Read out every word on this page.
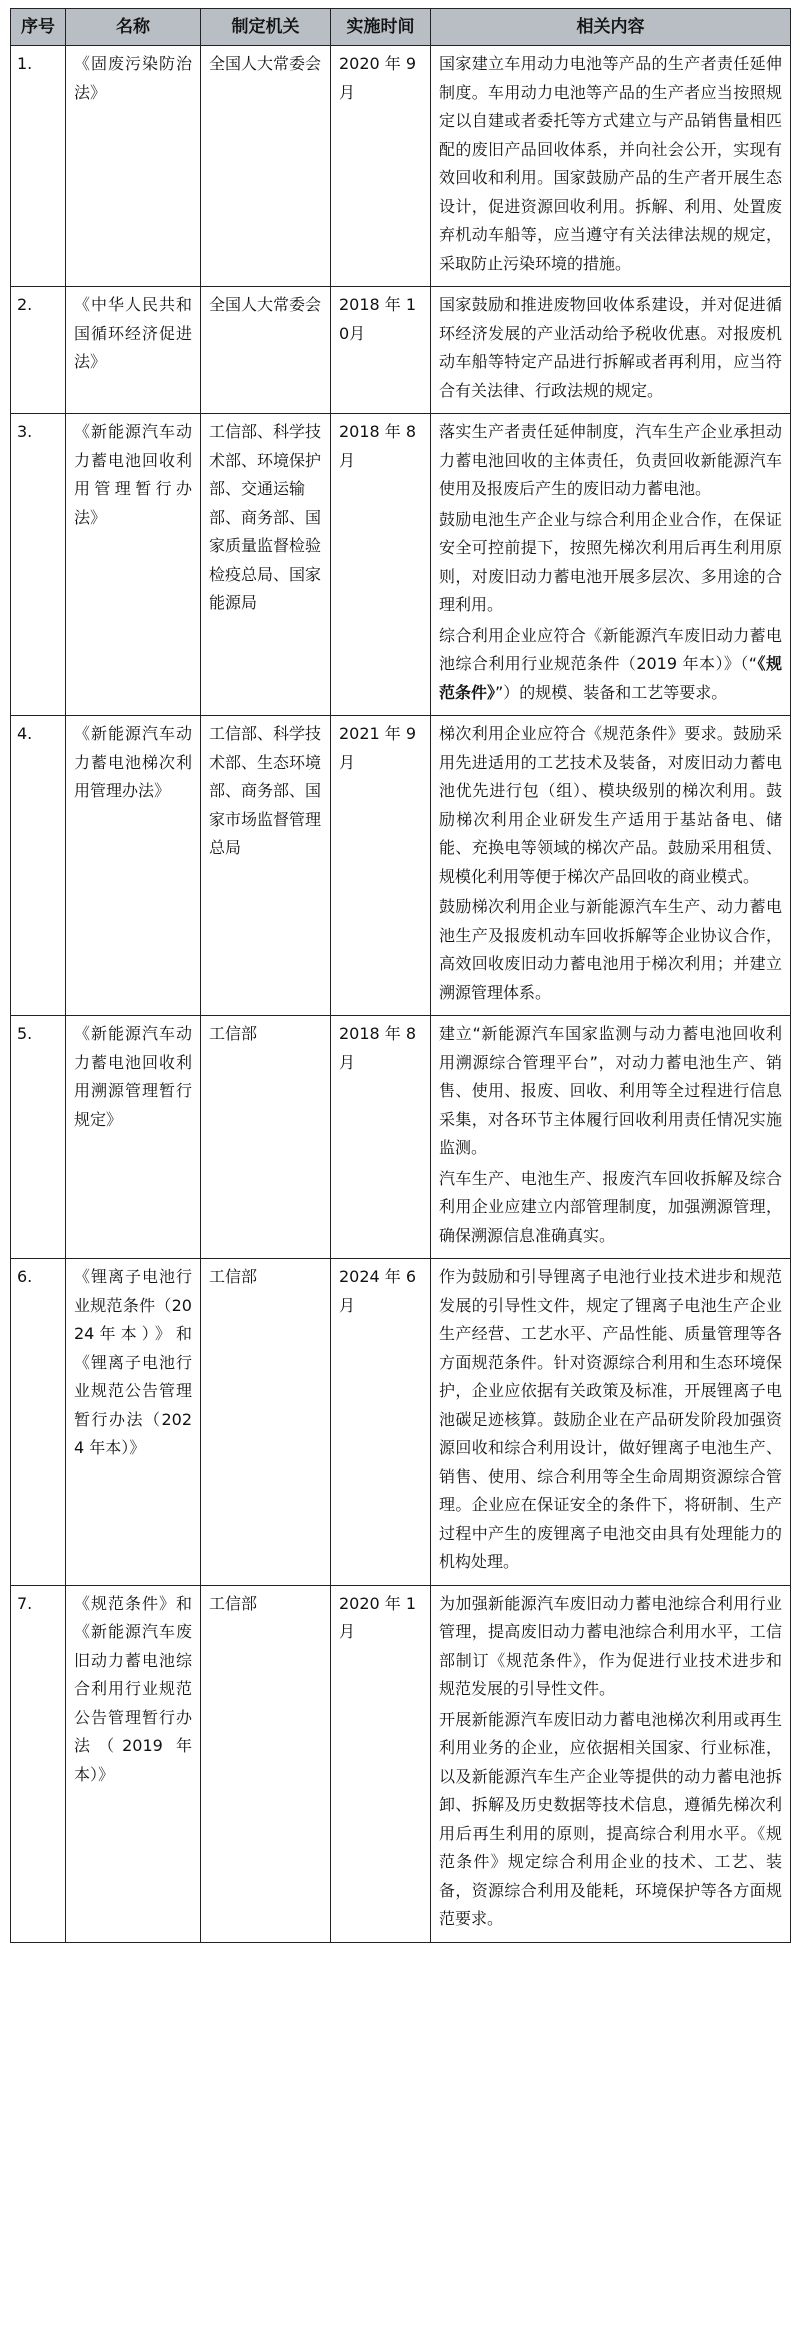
序号	名称	制定机关	实施时间	相关内容
1.	《固废污染防治法》	全国人大常委会	2020 年 9 月	国家建立车用动力电池等产品的生产者责任延伸制度。车用动力电池等产品的生产者应当按照规定以自建或者委托等方式建立与产品销售量相匹配的废旧产品回收体系，并向社会公开，实现有效回收和利用。国家鼓励产品的生产者开展生态设计，促进资源回收利用。拆解、利用、处置废弃机动车船等，应当遵守有关法律法规的规定，采取防止污染环境的措施。

2.	《中华人民共和国循环经济促进法》	全国人大常委会	2018 年 10月	国家鼓励和推进废物回收体系建设，并对促进循环经济发展的产业活动给予税收优惠。对报废机动车船等特定产品进行拆解或者再利用，应当符合有关法律、行政法规的规定。

3.	《新能源汽车动力蓄电池回收利用管理暂行办法》	工信部、科学技术部、环境保护部、交通运输部、商务部、国家质量监督检验检疫总局、国家能源局	2018 年 8 月	落实生产者责任延伸制度，汽车生产企业承担动力蓄电池回收的主体责任，负责回收新能源汽车使用及报废后产生的废旧动力蓄电池。
鼓励电池生产企业与综合利用企业合作，在保证安全可控前提下，按照先梯次利用后再生利用原则，对废旧动力蓄电池开展多层次、多用途的合理利用。
综合利用企业应符合《新能源汽车废旧动力蓄电池综合利用行业规范条件（2019 年本）》（“《规范条件》”）的规模、装备和工艺等要求。

4.	《新能源汽车动力蓄电池梯次利用管理办法》	工信部、科学技术部、生态环境部、商务部、国家市场监督管理总局	2021 年 9 月	梯次利用企业应符合《规范条件》要求。鼓励采用先进适用的工艺技术及装备，对废旧动力蓄电池优先进行包（组）、模块级别的梯次利用。鼓励梯次利用企业研发生产适用于基站备电、储能、充换电等领域的梯次产品。鼓励采用租赁、规模化利用等便于梯次产品回收的商业模式。
鼓励梯次利用企业与新能源汽车生产、动力蓄电池生产及报废机动车回收拆解等企业协议合作，高效回收废旧动力蓄电池用于梯次利用；并建立溯源管理体系。

5.	《新能源汽车动力蓄电池回收利用溯源管理暂行规定》	工信部	2018 年 8 月	建立“新能源汽车国家监测与动力蓄电池回收利用溯源综合管理平台”，对动力蓄电池生产、销售、使用、报废、回收、利用等全过程进行信息采集，对各环节主体履行回收利用责任情况实施监测。
汽车生产、电池生产、报废汽车回收拆解及综合利用企业应建立内部管理制度，加强溯源管理，确保溯源信息准确真实。

6.	《锂离子电池行业规范条件（2024年本）》和《锂离子电池行业规范公告管理暂行办法（2024 年本）》	工信部	2024 年 6 月	作为鼓励和引导锂离子电池行业技术进步和规范发展的引导性文件，规定了锂离子电池生产企业生产经营、工艺水平、产品性能、质量管理等各方面规范条件。针对资源综合利用和生态环境保护，企业应依据有关政策及标准，开展锂离子电池碳足迹核算。鼓励企业在产品研发阶段加强资源回收和综合利用设计，做好锂离子电池生产、销售、使用、综合利用等全生命周期资源综合管理。企业应在保证安全的条件下，将研制、生产过程中产生的废锂离子电池交由具有处理能力的机构处理。

7.	《规范条件》和《新能源汽车废旧动力蓄电池综合利用行业规范公告管理暂行办法（2019 年本）》	工信部	2020 年 1 月	为加强新能源汽车废旧动力蓄电池综合利用行业管理，提高废旧动力蓄电池综合利用水平，工信部制订《规范条件》，作为促进行业技术进步和规范发展的引导性文件。
开展新能源汽车废旧动力蓄电池梯次利用或再生利用业务的企业，应依据相关国家、行业标准，以及新能源汽车生产企业等提供的动力蓄电池拆卸、拆解及历史数据等技术信息，遵循先梯次利用后再生利用的原则，提高综合利用水平。《规范条件》规定综合利用企业的技术、工艺、装备，资源综合利用及能耗，环境保护等各方面规范要求。
